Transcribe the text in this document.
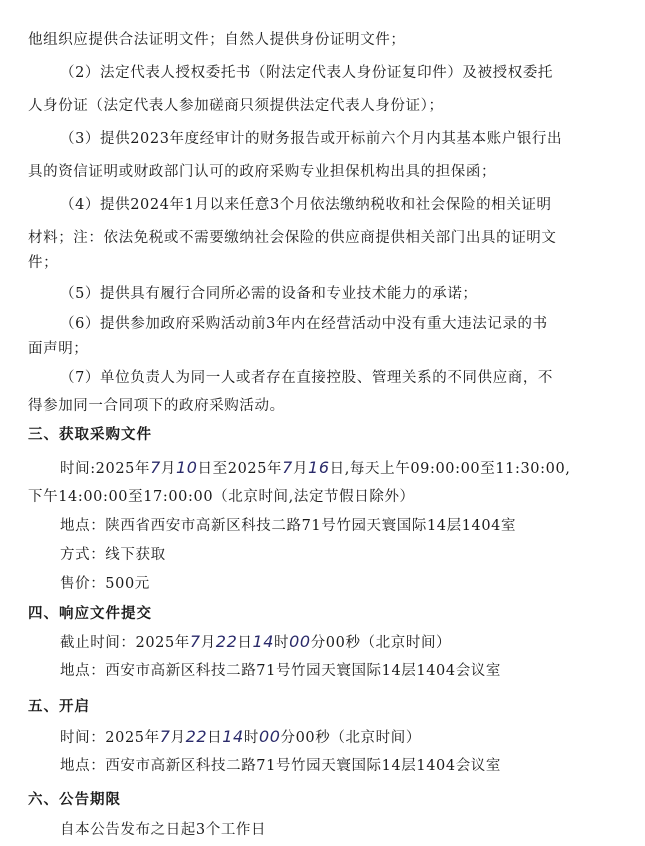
他组织应提供合法证明文件；自然人提供身份证明文件；
（2）法定代表人授权委托书（附法定代表人身份证复印件）及被授权委托
人身份证（法定代表人参加磋商只须提供法定代表人身份证）；
（3）提供2023年度经审计的财务报告或开标前六个月内其基本账户银行出
具的资信证明或财政部门认可的政府采购专业担保机构出具的担保函；
（4）提供2024年1月以来任意3个月依法缴纳税收和社会保险的相关证明
材料；注：依法免税或不需要缴纳社会保险的供应商提供相关部门出具的证明文
件；
（5）提供具有履行合同所必需的设备和专业技术能力的承诺；
（6）提供参加政府采购活动前3年内在经营活动中没有重大违法记录的书
面声明；
（7）单位负责人为同一人或者存在直接控股、管理关系的不同供应商，不
得参加同一合同项下的政府采购活动。
三、获取采购文件
时间:2025年7月10日至2025年7月16日,每天上午09:00:00至11:30:00,
下午14:00:00至17:00:00（北京时间,法定节假日除外）
地点：陕西省西安市高新区科技二路71号竹园天寰国际14层1404室
方式：线下获取
售价：500元
四、响应文件提交
截止时间：2025年7月22日14时00分00秒（北京时间）
地点：西安市高新区科技二路71号竹园天寰国际14层1404会议室
五、开启
时间：2025年7月22日14时00分00秒（北京时间）
地点：西安市高新区科技二路71号竹园天寰国际14层1404会议室
六、公告期限
自本公告发布之日起3个工作日
